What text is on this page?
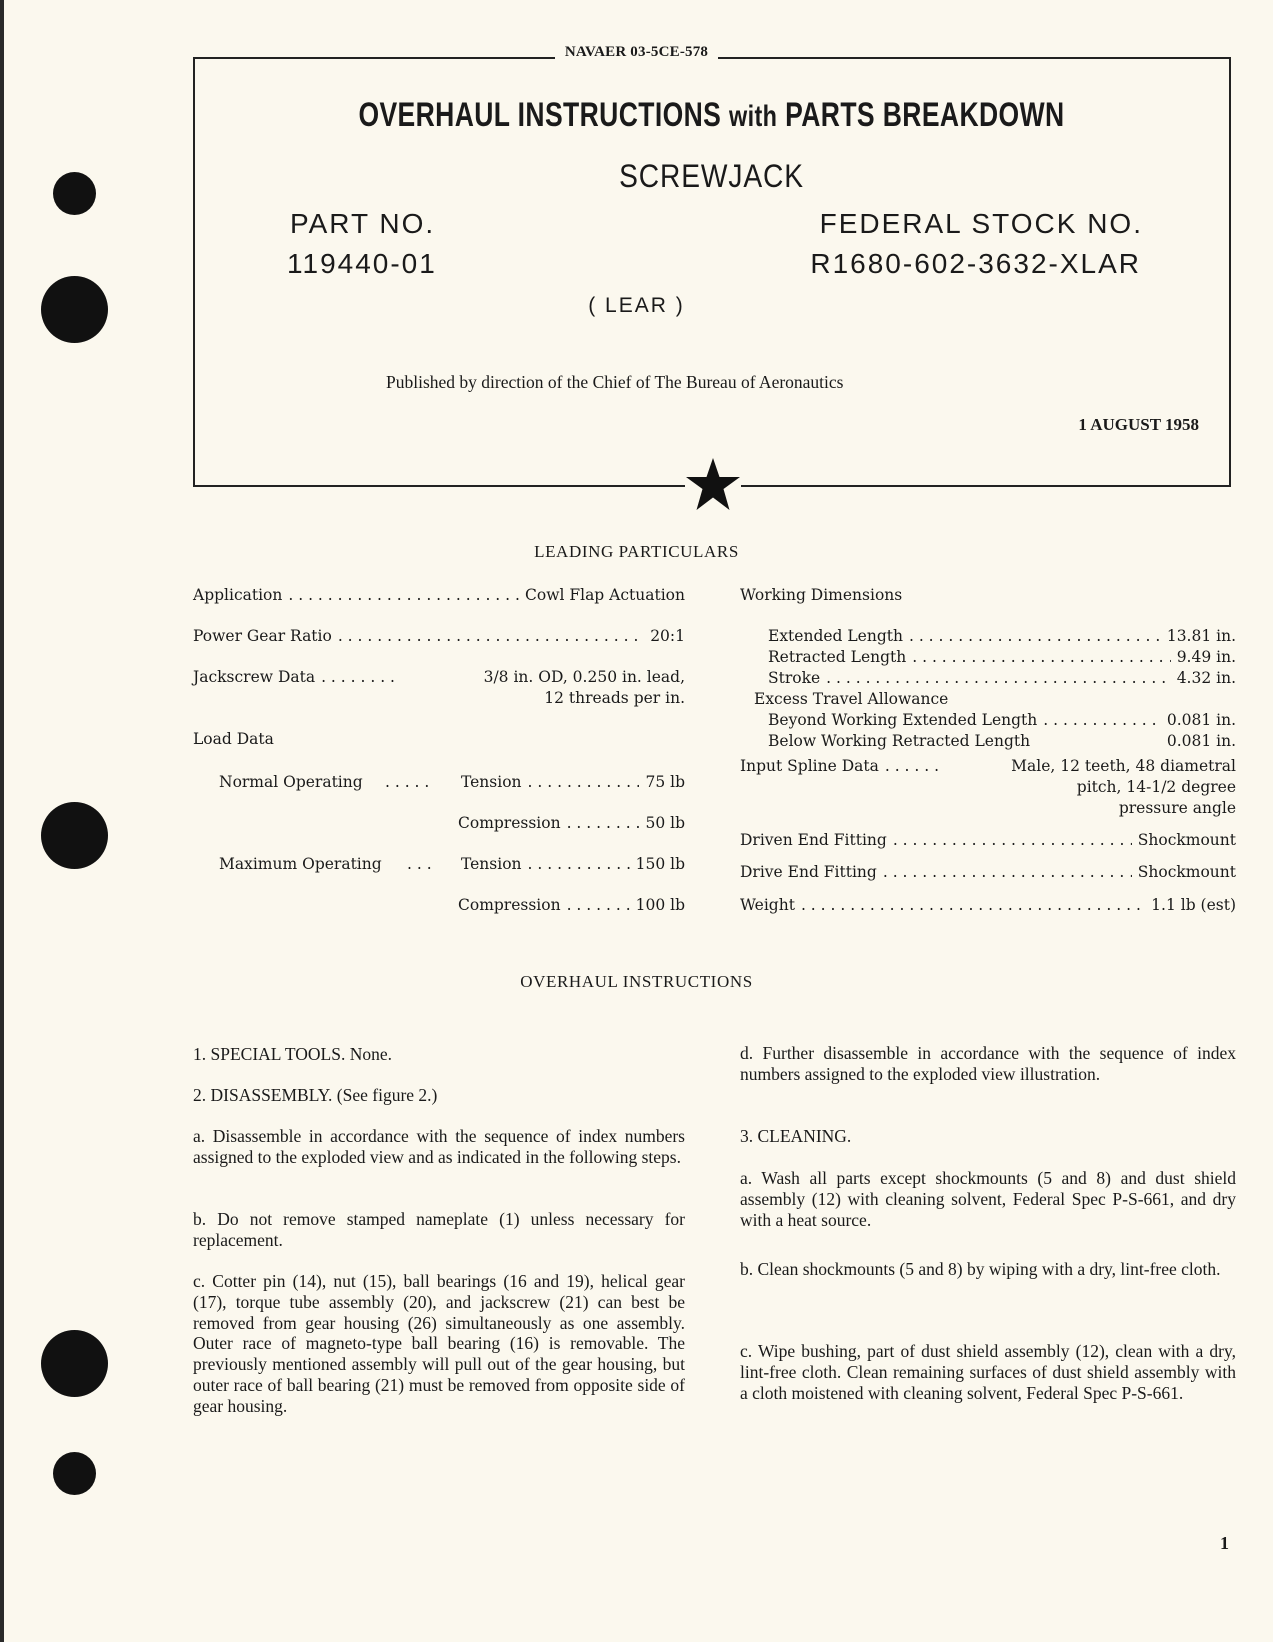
NAVAER 03-5CE-578
OVERHAUL INSTRUCTIONS with PARTS BREAKDOWN
SCREWJACK
PART NO.
119440-01
FEDERAL STOCK NO.
R1680-602-3632-XLAR
( LEAR )
Published by direction of the Chief of The Bureau of Aeronautics
1 AUGUST 1958
LEADING PARTICULARS
Application . . .	Cowl Flap Actuation
Power Gear Ratio . . .	20:1
Jackscrew Data . . .	3/8 in. OD, 0.250 in. lead,
12 threads per in.
Load Data
Normal Operating . . .	Tension . . .	75 lb
Compression . . .	50 lb
Maximum Operating . . .	Tension . . .	150 lb
Compression . . .	100 lb
Working Dimensions
Extended Length . . .	13.81 in.
Retracted Length . . .	9.49 in.
Stroke . . .	4.32 in.
Excess Travel Allowance
Beyond Working Extended Length . . .	0.081 in.
Below Working Retracted Length	0.081 in.
Input Spline Data . . .	Male, 12 teeth, 48 diametral
pitch, 14-1/2 degree
pressure angle
Driven End Fitting . . .	Shockmount
Drive End Fitting . . .	Shockmount
Weight . . .	1.1 lb (est)
OVERHAUL INSTRUCTIONS
1. SPECIAL TOOLS. None.
2. DISASSEMBLY. (See figure 2.)
a. Disassemble in accordance with the sequence of index numbers assigned to the exploded view and as indicated in the following steps.
b. Do not remove stamped nameplate (1) unless necessary for replacement.
c. Cotter pin (14), nut (15), ball bearings (16 and 19), helical gear (17), torque tube assembly (20), and jackscrew (21) can best be removed from gear housing (26) simultaneously as one assembly. Outer race of magneto-type ball bearing (16) is removable. The previously mentioned assembly will pull out of the gear housing, but outer race of ball bearing (21) must be removed from opposite side of gear housing.
d. Further disassemble in accordance with the sequence of index numbers assigned to the exploded view illustration.
3. CLEANING.
a. Wash all parts except shockmounts (5 and 8) and dust shield assembly (12) with cleaning solvent, Federal Spec P-S-661, and dry with a heat source.
b. Clean shockmounts (5 and 8) by wiping with a dry, lint-free cloth.
c. Wipe bushing, part of dust shield assembly (12), clean with a dry, lint-free cloth. Clean remaining surfaces of dust shield assembly with a cloth moistened with cleaning solvent, Federal Spec P-S-661.
1
